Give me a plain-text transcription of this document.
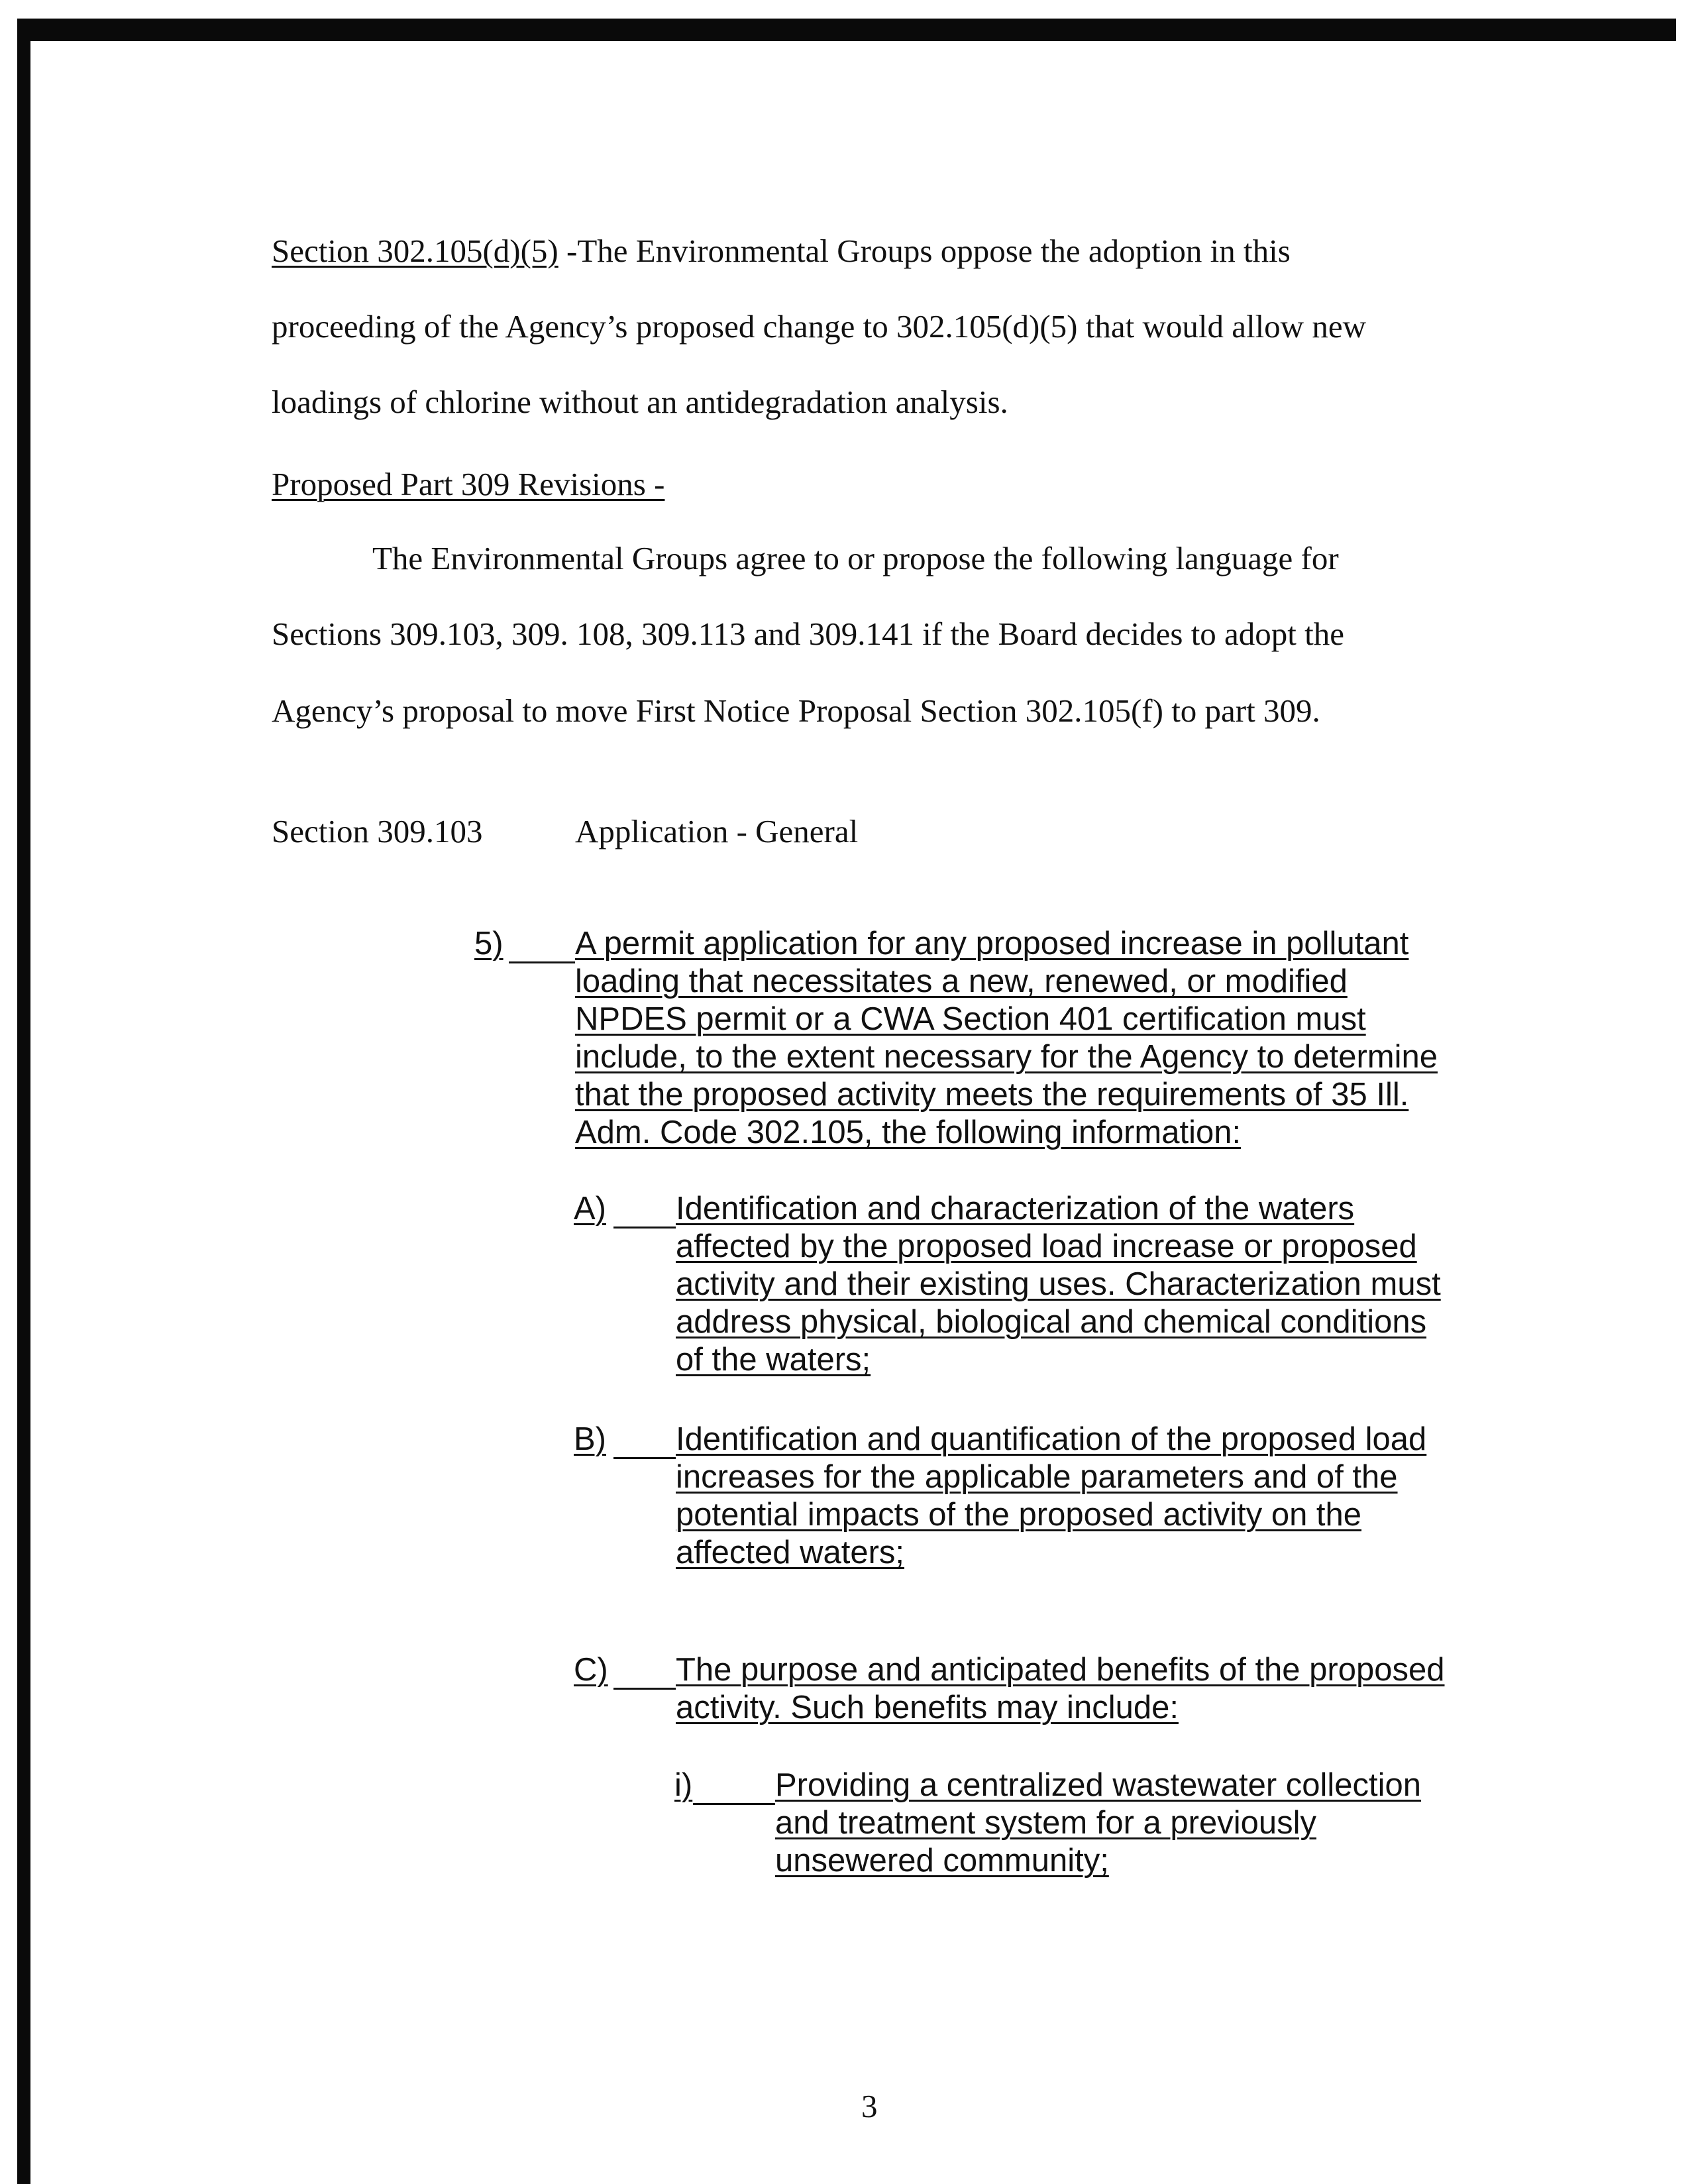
Section 302.105(d)(5) -The Environmental Groups oppose the adoption in this
proceeding of the Agency’s proposed change to 302.105(d)(5) that would allow new
loadings of chlorine without an antidegradation analysis.
Proposed Part 309 Revisions -
The Environmental Groups agree to or propose the following language for
Sections 309.103, 309. 108, 309.113 and 309.141 if the Board decides to adopt the
Agency’s proposal to move First Notice Proposal Section 302.105(f) to part 309.
Section 309.103	Application - General
5) A permit application for any proposed increase in pollutant
loading that necessitates a new, renewed, or modified
NPDES permit or a CWA Section 401 certification must
include, to the extent necessary for the Agency to determine
that the proposed activity meets the requirements of 35 Ill.
Adm. Code 302.105, the following information:
A) Identification and characterization of the waters
affected by the proposed load increase or proposed
activity and their existing uses. Characterization must
address physical, biological and chemical conditions
of the waters;
B) Identification and quantification of the proposed load
increases for the applicable parameters and of the
potential impacts of the proposed activity on the
affected waters;
C) The purpose and anticipated benefits of the proposed
activity. Such benefits may include:
i)	Providing a centralized wastewater collection
and treatment system for a previously
unsewered community;
3
